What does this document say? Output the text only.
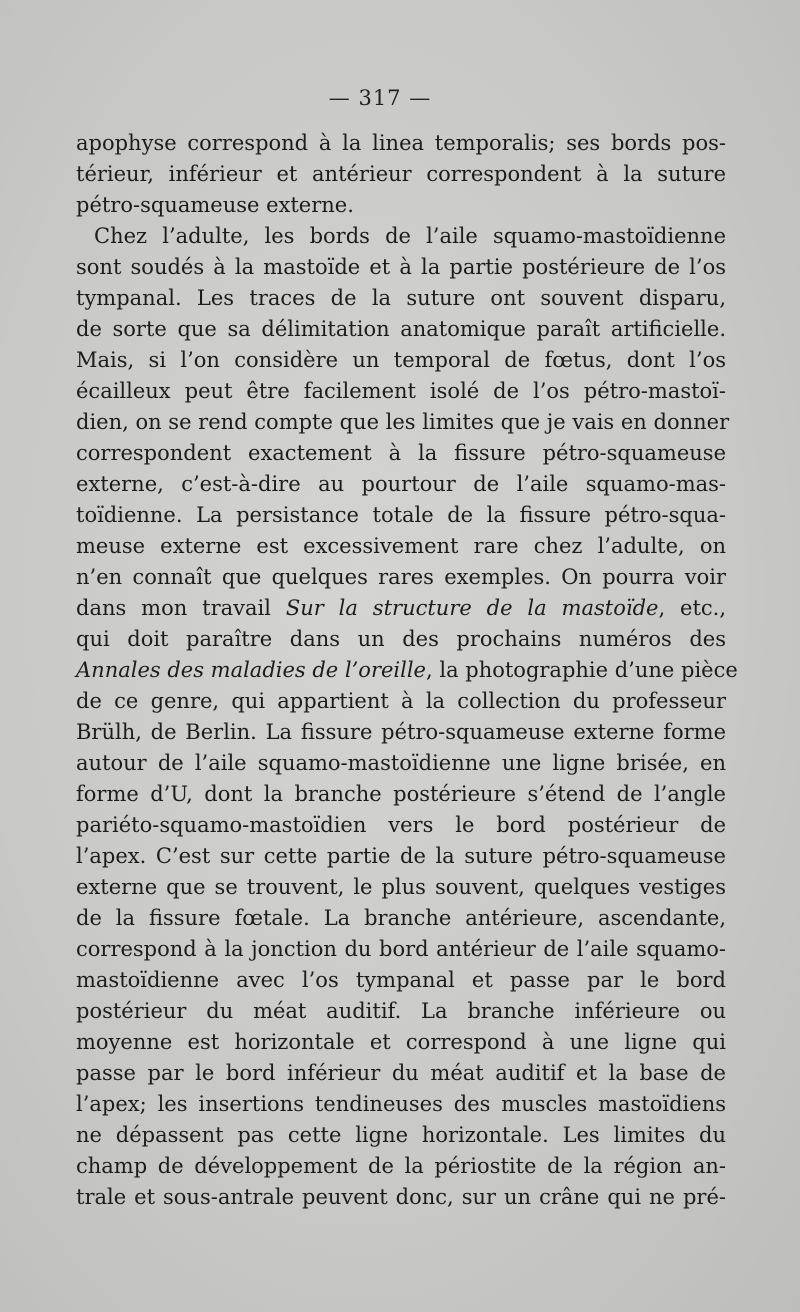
— 317 —
apophyse correspond à la linea temporalis; ses bords pos-
térieur, inférieur et antérieur correspondent à la suture
pétro-squameuse externe.
Chez l’adulte, les bords de l’aile squamo-mastoïdienne
sont soudés à la mastoïde et à la partie postérieure de l’os
tympanal. Les traces de la suture ont souvent disparu,
de sorte que sa délimitation anatomique paraît artificielle.
Mais, si l’on considère un temporal de fœtus, dont l’os
écailleux peut être facilement isolé de l’os pétro-mastoï-
dien, on se rend compte que les limites que je vais en donner
correspondent exactement à la fissure pétro-squameuse
externe, c’est-à-dire au pourtour de l’aile squamo-mas-
toïdienne. La persistance totale de la fissure pétro-squa-
meuse externe est excessivement rare chez l’adulte, on
n’en connaît que quelques rares exemples. On pourra voir
dans mon travail Sur la structure de la mastoïde, etc.,
qui doit paraître dans un des prochains numéros des
Annales des maladies de l’oreille, la photographie d’une pièce
de ce genre, qui appartient à la collection du professeur
Brülh, de Berlin. La fissure pétro-squameuse externe forme
autour de l’aile squamo-mastoïdienne une ligne brisée, en
forme d’U, dont la branche postérieure s’étend de l’angle
pariéto-squamo-mastoïdien vers le bord postérieur de
l’apex. C’est sur cette partie de la suture pétro-squameuse
externe que se trouvent, le plus souvent, quelques vestiges
de la fissure fœtale. La branche antérieure, ascendante,
correspond à la jonction du bord antérieur de l’aile squamo-
mastoïdienne avec l’os tympanal et passe par le bord
postérieur du méat auditif. La branche inférieure ou
moyenne est horizontale et correspond à une ligne qui
passe par le bord inférieur du méat auditif et la base de
l’apex; les insertions tendineuses des muscles mastoïdiens
ne dépassent pas cette ligne horizontale. Les limites du
champ de développement de la périostite de la région an-
trale et sous-antrale peuvent donc, sur un crâne qui ne pré-
